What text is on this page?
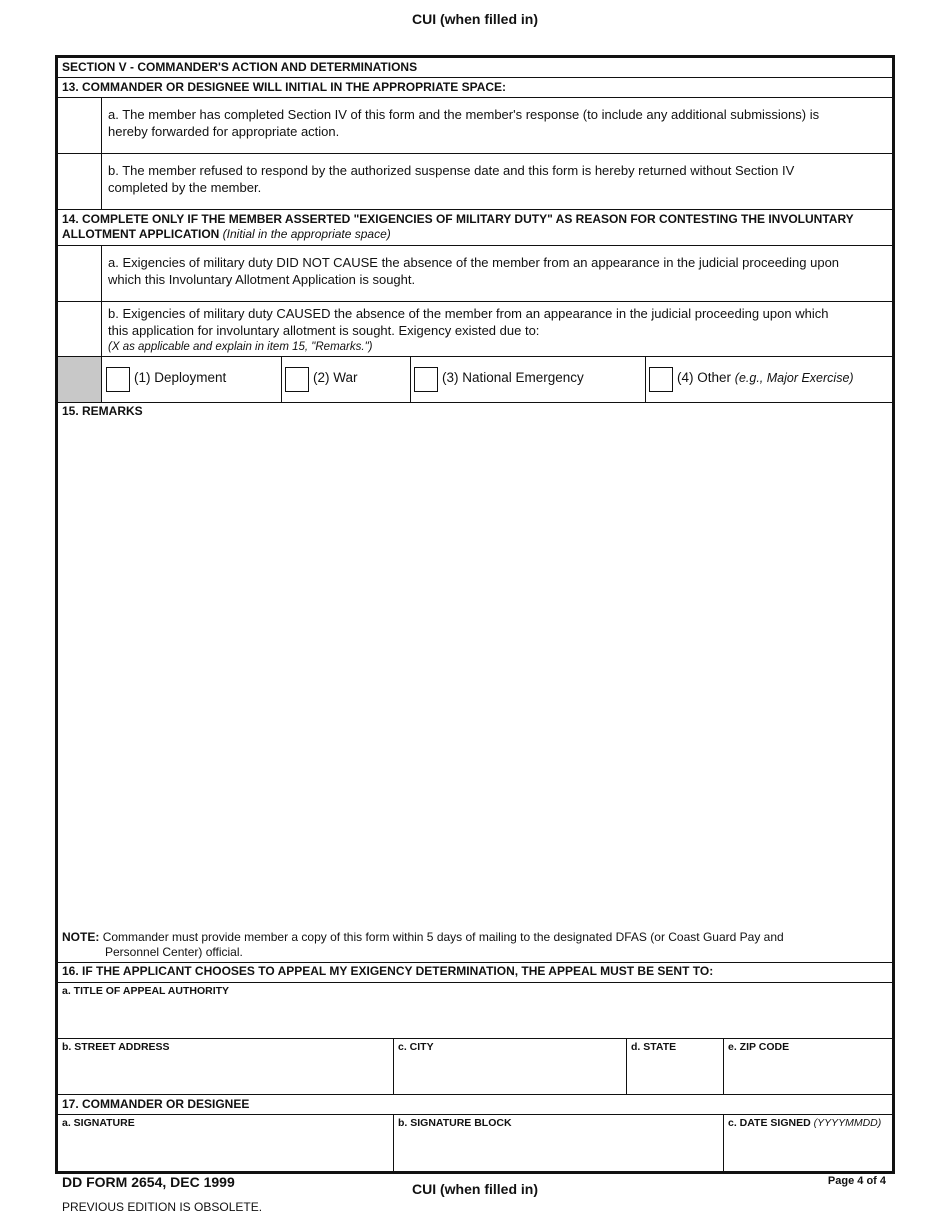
CUI (when filled in)
SECTION V - COMMANDER'S ACTION AND DETERMINATIONS
13. COMMANDER OR DESIGNEE WILL INITIAL IN THE APPROPRIATE SPACE:
a. The member has completed Section IV of this form and the member's response (to include any additional submissions) is hereby forwarded for appropriate action.
b. The member refused to respond by the authorized suspense date and this form is hereby returned without Section IV completed by the member.
14. COMPLETE ONLY IF THE MEMBER ASSERTED "EXIGENCIES OF MILITARY DUTY" AS REASON FOR CONTESTING THE INVOLUNTARY ALLOTMENT APPLICATION (Initial in the appropriate space)
a. Exigencies of military duty DID NOT CAUSE the absence of the member from an appearance in the judicial proceeding upon which this Involuntary Allotment Application is sought.
b. Exigencies of military duty CAUSED the absence of the member from an appearance in the judicial proceeding upon which this application for involuntary allotment is sought. Exigency existed due to:
(X as applicable and explain in item 15, "Remarks.")
(1) Deployment	(2) War	(3) National Emergency	(4) Other (e.g., Major Exercise)
15. REMARKS
NOTE: Commander must provide member a copy of this form within 5 days of mailing to the designated DFAS (or Coast Guard Pay and
Personnel Center) official.
16. IF THE APPLICANT CHOOSES TO APPEAL MY EXIGENCY DETERMINATION, THE APPEAL MUST BE SENT TO:
a. TITLE OF APPEAL AUTHORITY
b. STREET ADDRESS	c. CITY	d. STATE	e. ZIP CODE
17. COMMANDER OR DESIGNEE
a. SIGNATURE	b. SIGNATURE BLOCK	c. DATE SIGNED (YYYYMMDD)
DD FORM 2654, DEC 1999
PREVIOUS EDITION IS OBSOLETE.
CUI (when filled in)	Page 4 of 4
